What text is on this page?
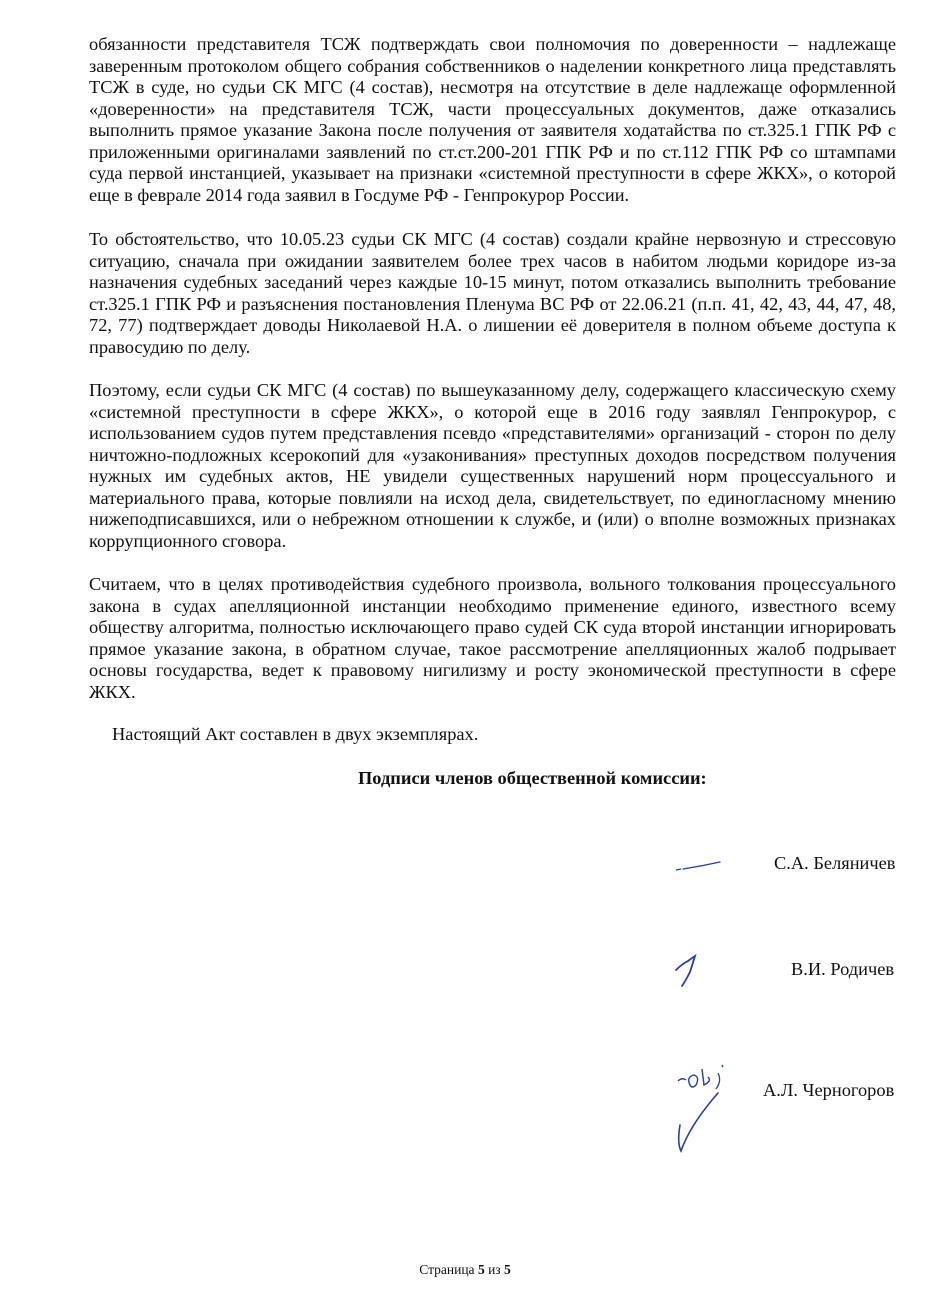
обязанности представителя ТСЖ подтверждать свои полномочия по доверенности – надлежаще заверенным протоколом общего собрания собственников о наделении конкретного лица представлять ТСЖ в суде, но судьи СК МГС (4 состав), несмотря на отсутствие в деле надлежаще оформленной «доверенности» на представителя ТСЖ, части процессуальных документов, даже отказались выполнить прямое указание Закона после получения от заявителя ходатайства по ст.325.1 ГПК РФ с приложенными оригиналами заявлений по ст.ст.200-201 ГПК РФ и по ст.112 ГПК РФ со штампами суда первой инстанцией, указывает на признаки «системной преступности в сфере ЖКХ», о которой еще в феврале 2014 года заявил в Госдуме РФ - Генпрокурор России.

То обстоятельство, что 10.05.23 судьи СК МГС (4 состав) создали крайне нервозную и стрессовую ситуацию, сначала при ожидании заявителем более трех часов в набитом людьми коридоре из-за назначения судебных заседаний через каждые 10-15 минут, потом отказались выполнить требование ст.325.1 ГПК РФ и разъяснения постановления Пленума ВС РФ от 22.06.21 (п.п. 41, 42, 43, 44, 47, 48, 72, 77) подтверждает доводы Николаевой Н.А. о лишении её доверителя в полном объеме доступа к правосудию по делу.

Поэтому, если судьи СК МГС (4 состав) по вышеуказанному делу, содержащего классическую схему «системной преступности в сфере ЖКХ», о которой еще в 2016 году заявлял Генпрокурор, с использованием судов путем представления псевдо «представителями» организаций - сторон по делу ничтожно-подложных ксерокопий для «узаконивания» преступных доходов посредством получения нужных им судебных актов, НЕ увидели существенных нарушений норм процессуального и материального права, которые повлияли на исход дела, свидетельствует, по единогласному мнению нижеподписавшихся, или о небрежном отношении к службе, и (или) о вполне возможных признаках коррупционного сговора.

Считаем, что в целях противодействия судебного произвола, вольного толкования процессуального закона в судах апелляционной инстанции необходимо применение единого, известного всему обществу алгоритма, полностью исключающего право судей СК суда второй инстанции игнорировать прямое указание закона, в обратном случае, такое рассмотрение апелляционных жалоб подрывает основы государства, ведет к правовому нигилизму и росту экономической преступности в сфере ЖКХ.

Настоящий Акт составлен в двух экземплярах.

Подписи членов общественной комиссии:

С.А. Беляничев
В.И. Родичев
А.Л. Черногоров
Страница 5 из 5
